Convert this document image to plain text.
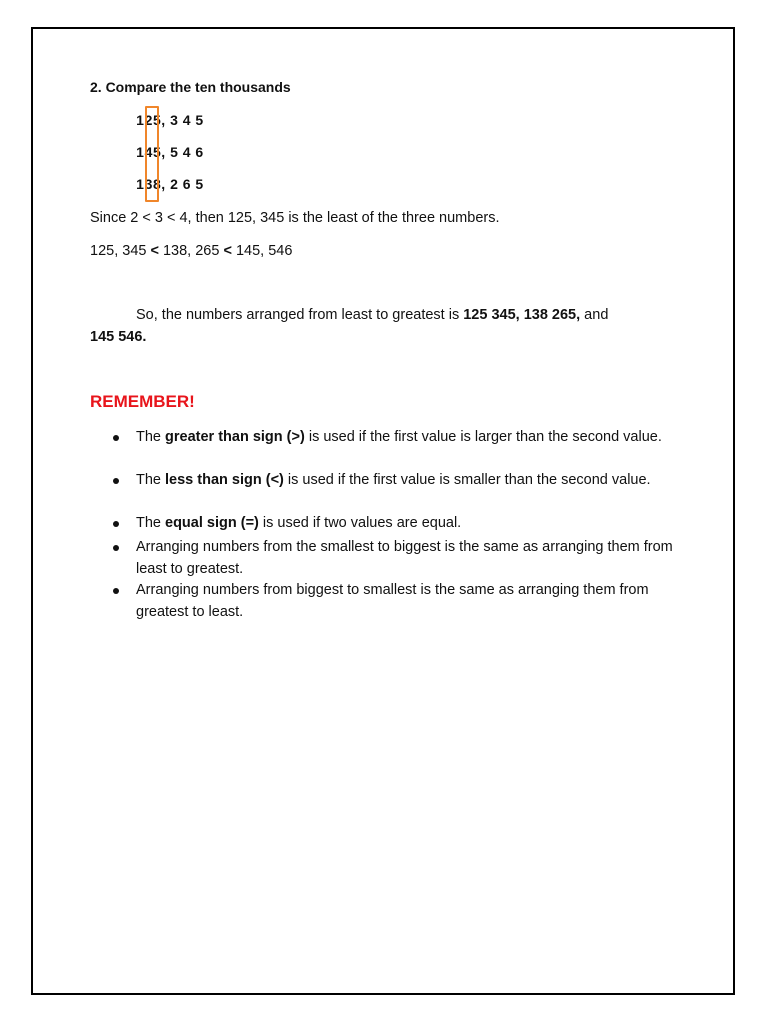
2. Compare the ten thousands
125, 3 4 5
145, 5 4 6
138, 2 6 5
Since 2 < 3 < 4, then 125, 345 is the least of the three numbers.
125, 345 < 138, 265 < 145, 546
So, the numbers arranged from least to greatest is 125 345, 138 265, and
145 546.
REMEMBER!
The greater than sign (>) is used if the first value is larger than the second value.
The less than sign (<) is used if the first value is smaller than the second value.
The equal sign (=) is used if two values are equal.
Arranging numbers from the smallest to biggest is the same as arranging them from least to greatest.
Arranging numbers from biggest to smallest is the same as arranging them from greatest to least.
